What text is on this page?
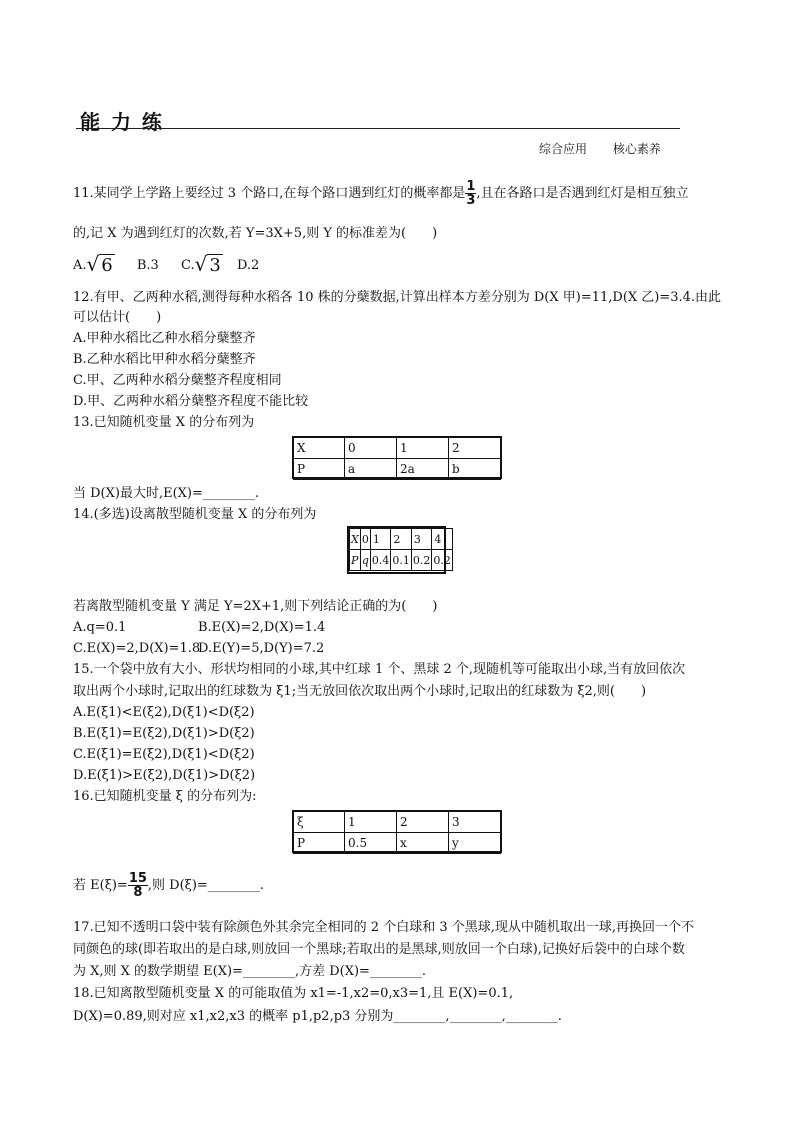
能 力 练
综合应用 核心素养
11.某同学上学路上要经过 3 个路口,在每个路口遇到红灯的概率都是 $\frac{1}{3}$ ,且在各路口是否遇到红灯是相互独立
的,记 X 为遇到红灯的次数,若 Y=3X+5,则 Y 的标准差为(　　)
A.√ 6 B.3 C.√ 3 D.2
12.有甲、乙两种水稻,测得每种水稻各 10 株的分蘖数据,计算出样本方差分别为 D(X 甲)=11,D(X 乙)=3.4.由此
可以估计(　　)
A.甲种水稻比乙种水稻分蘖整齐
B.乙种水稻比甲种水稻分蘖整齐
C.甲、乙两种水稻分蘖整齐程度相同
D.甲、乙两种水稻分蘖整齐程度不能比较
13.已知随机变量 X 的分布列为
X	0	1	2
P	a	2a	b
当 D(X)最大时,E(X)=________.
14.(多选)设离散型随机变量 X 的分布列为
X	0	1	2	3	4
P	q	0.4	0.1	0.2	0.2
若离散型随机变量 Y 满足 Y=2X+1,则下列结论正确的为(　　)
A.q=0.1	B.E(X)=2,D(X)=1.4
C.E(X)=2,D(X)=1.8D.E(Y)=5,D(Y)=7.2
15.一个袋中放有大小、形状均相同的小球,其中红球 1 个、黑球 2 个,现随机等可能取出小球,当有放回依次
取出两个小球时,记取出的红球数为 ξ1;当无放回依次取出两个小球时,记取出的红球数为 ξ2,则(　　)
A.E(ξ1)<E(ξ2),D(ξ1)<D(ξ2)
B.E(ξ1)=E(ξ2),D(ξ1)>D(ξ2)
C.E(ξ1)=E(ξ2),D(ξ1)<D(ξ2)
D.E(ξ1)>E(ξ2),D(ξ1)>D(ξ2)
16.已知随机变量 ξ 的分布列为:
ξ	1	2	3
P	0.5	x	y
若 $E(\xi)= \frac{15}{8}$ ,则 D(ξ)=________.
17.已知不透明口袋中装有除颜色外其余完全相同的 2 个白球和 3 个黑球,现从中随机取出一球,再换回一个不
同颜色的球(即若取出的是白球,则放回一个黑球;若取出的是黑球,则放回一个白球),记换好后袋中的白球个数
为 X,则 X 的数学期望 E(X)=________,方差 D(X)=________.
18.已知离散型随机变量 X 的可能取值为 x1=-1,x2=0,x3=1,且 E(X)=0.1,
D(X)=0.89,则对应 x1,x2,x3 的概率 p1,p2,p3 分别为________,________,________.
